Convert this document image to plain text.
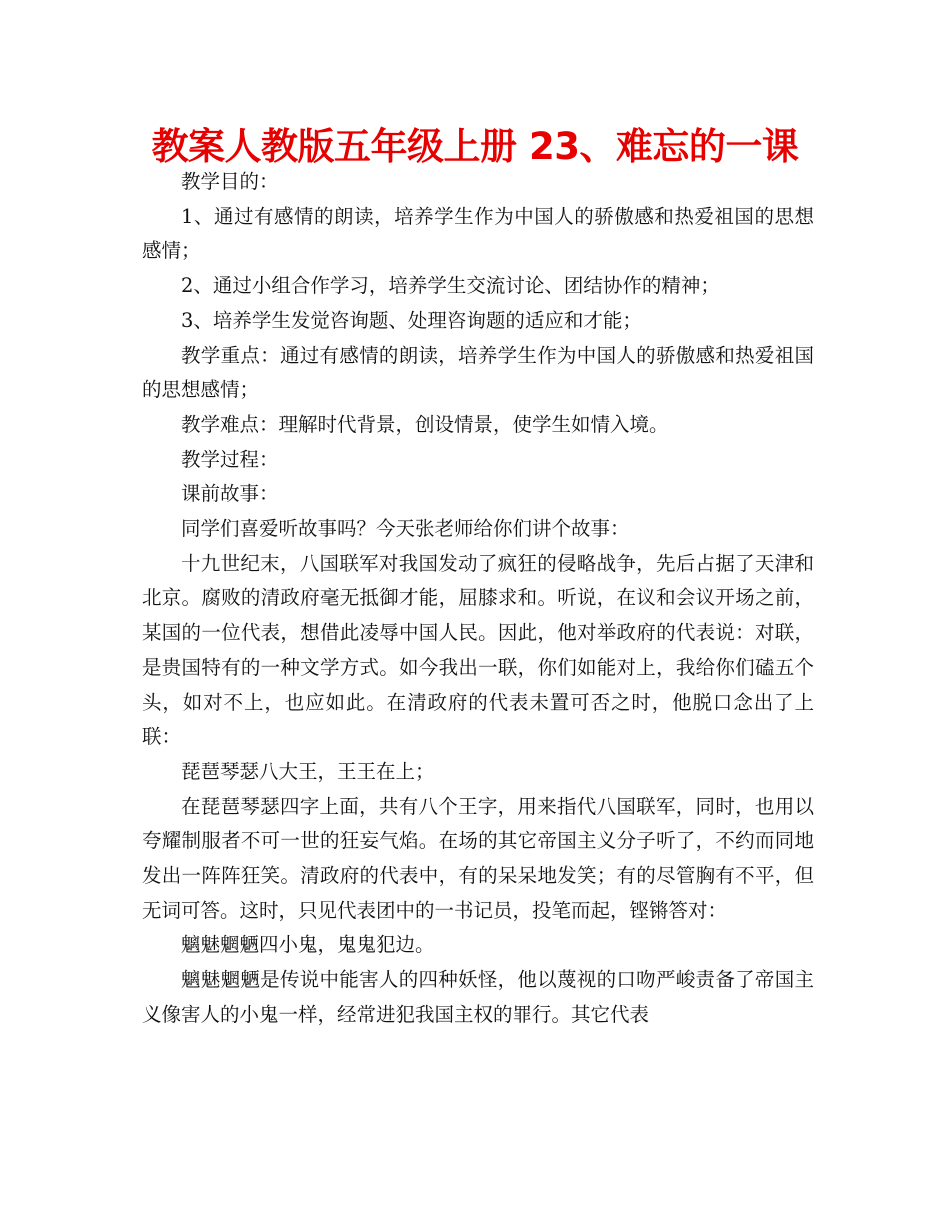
教案人教版五年级上册 23、难忘的一课

教学目的：

1、通过有感情的朗读，培养学生作为中国人的骄傲感和热爱祖国的思想感情；

2、通过小组合作学习，培养学生交流讨论、团结协作的精神；

3、培养学生发觉咨询题、处理咨询题的适应和才能；

教学重点：通过有感情的朗读，培养学生作为中国人的骄傲感和热爱祖国的思想感情；

教学难点：理解时代背景，创设情景，使学生如情入境。

教学过程：

课前故事：

同学们喜爱听故事吗？今天张老师给你们讲个故事：

十九世纪末，八国联军对我国发动了疯狂的侵略战争，先后占据了天津和北京。腐败的清政府毫无抵御才能，屈膝求和。听说，在议和会议开场之前，某国的一位代表，想借此凌辱中国人民。因此，他对举政府的代表说：对联，是贵国特有的一种文学方式。如今我出一联，你们如能对上，我给你们磕五个头，如对不上，也应如此。在清政府的代表未置可否之时，他脱口念出了上联：

琵琶琴瑟八大王，王王在上；

在琵琶琴瑟四字上面，共有八个王字，用来指代八国联军，同时，也用以夸耀制服者不可一世的狂妄气焰。在场的其它帝国主义分子听了，不约而同地发出一阵阵狂笑。清政府的代表中，有的呆呆地发笑；有的尽管胸有不平，但无词可答。这时，只见代表团中的一书记员，投笔而起，铿锵答对：

魑魅魍魉四小鬼，鬼鬼犯边。

魑魅魍魉是传说中能害人的四种妖怪，他以蔑视的口吻严峻责备了帝国主义像害人的小鬼一样，经常进犯我国主权的罪行。其它代表
